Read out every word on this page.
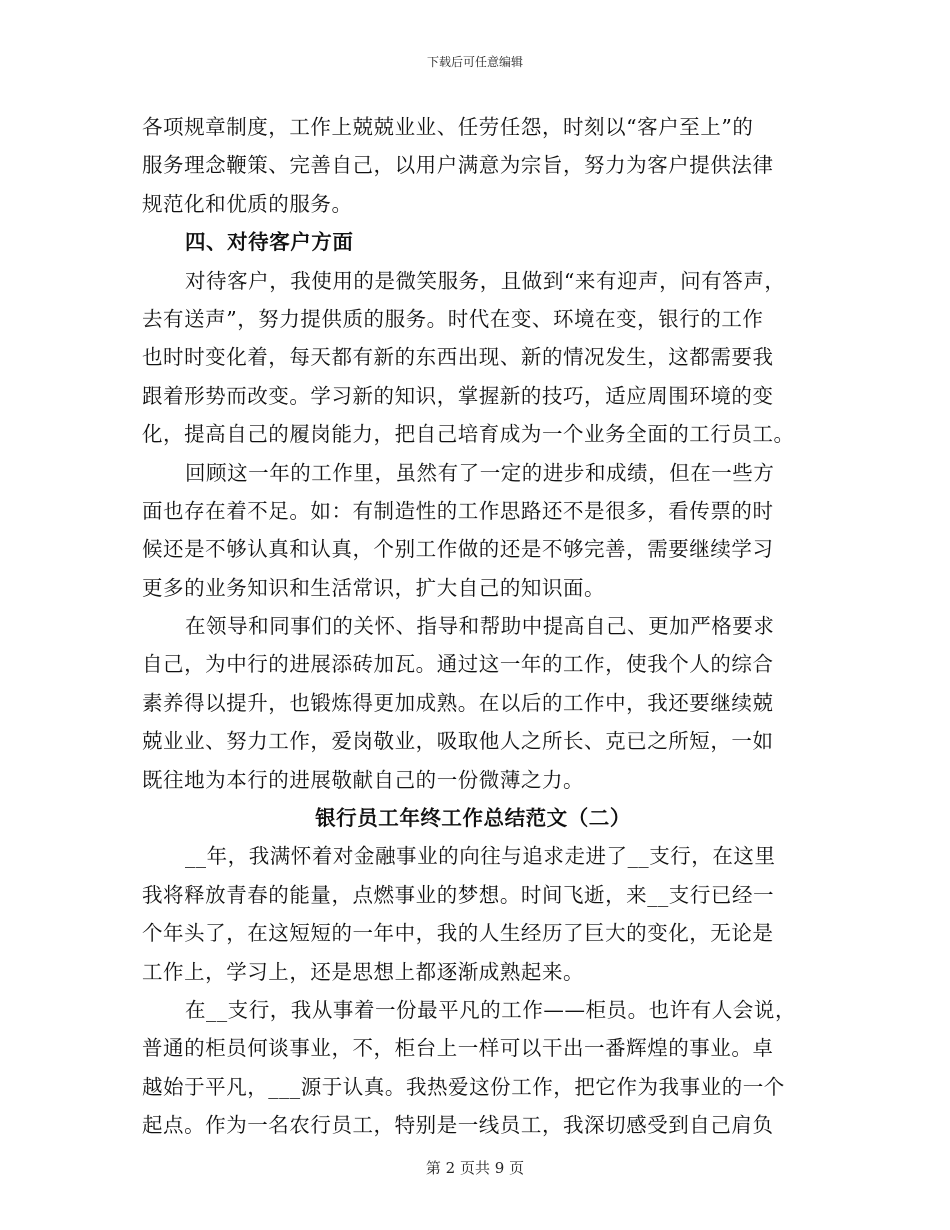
下载后可任意编辑
各项规章制度，工作上兢兢业业、任劳任怨，时刻以“客户至上”的
服务理念鞭策、完善自己，以用户满意为宗旨，努力为客户提供法律
规范化和优质的服务。
四、对待客户方面
对待客户，我使用的是微笑服务，且做到“来有迎声，问有答声，
去有送声”，努力提供质的服务。时代在变、环境在变，银行的工作
也时时变化着，每天都有新的东西出现、新的情况发生，这都需要我
跟着形势而改变。学习新的知识，掌握新的技巧，适应周围环境的变
化，提高自己的履岗能力，把自己培育成为一个业务全面的工行员工。
回顾这一年的工作里，虽然有了一定的进步和成绩，但在一些方
面也存在着不足。如：有制造性的工作思路还不是很多，看传票的时
候还是不够认真和认真，个别工作做的还是不够完善，需要继续学习
更多的业务知识和生活常识，扩大自己的知识面。
在领导和同事们的关怀、指导和帮助中提高自己、更加严格要求
自己，为中行的进展添砖加瓦。通过这一年的工作，使我个人的综合
素养得以提升，也锻炼得更加成熟。在以后的工作中，我还要继续兢
兢业业、努力工作，爱岗敬业，吸取他人之所长、克已之所短，一如
既往地为本行的进展敬献自己的一份微薄之力。
银行员工年终工作总结范文（二）
__年，我满怀着对金融事业的向往与追求走进了__支行，在这里
我将释放青春的能量，点燃事业的梦想。时间飞逝，来__支行已经一
个年头了，在这短短的一年中，我的人生经历了巨大的变化，无论是
工作上，学习上，还是思想上都逐渐成熟起来。
在__支行，我从事着一份最平凡的工作——柜员。也许有人会说，
普通的柜员何谈事业，不，柜台上一样可以干出一番辉煌的事业。卓
越始于平凡，___源于认真。我热爱这份工作，把它作为我事业的一个
起点。作为一名农行员工，特别是一线员工，我深切感受到自己肩负
第 2 页共 9 页
